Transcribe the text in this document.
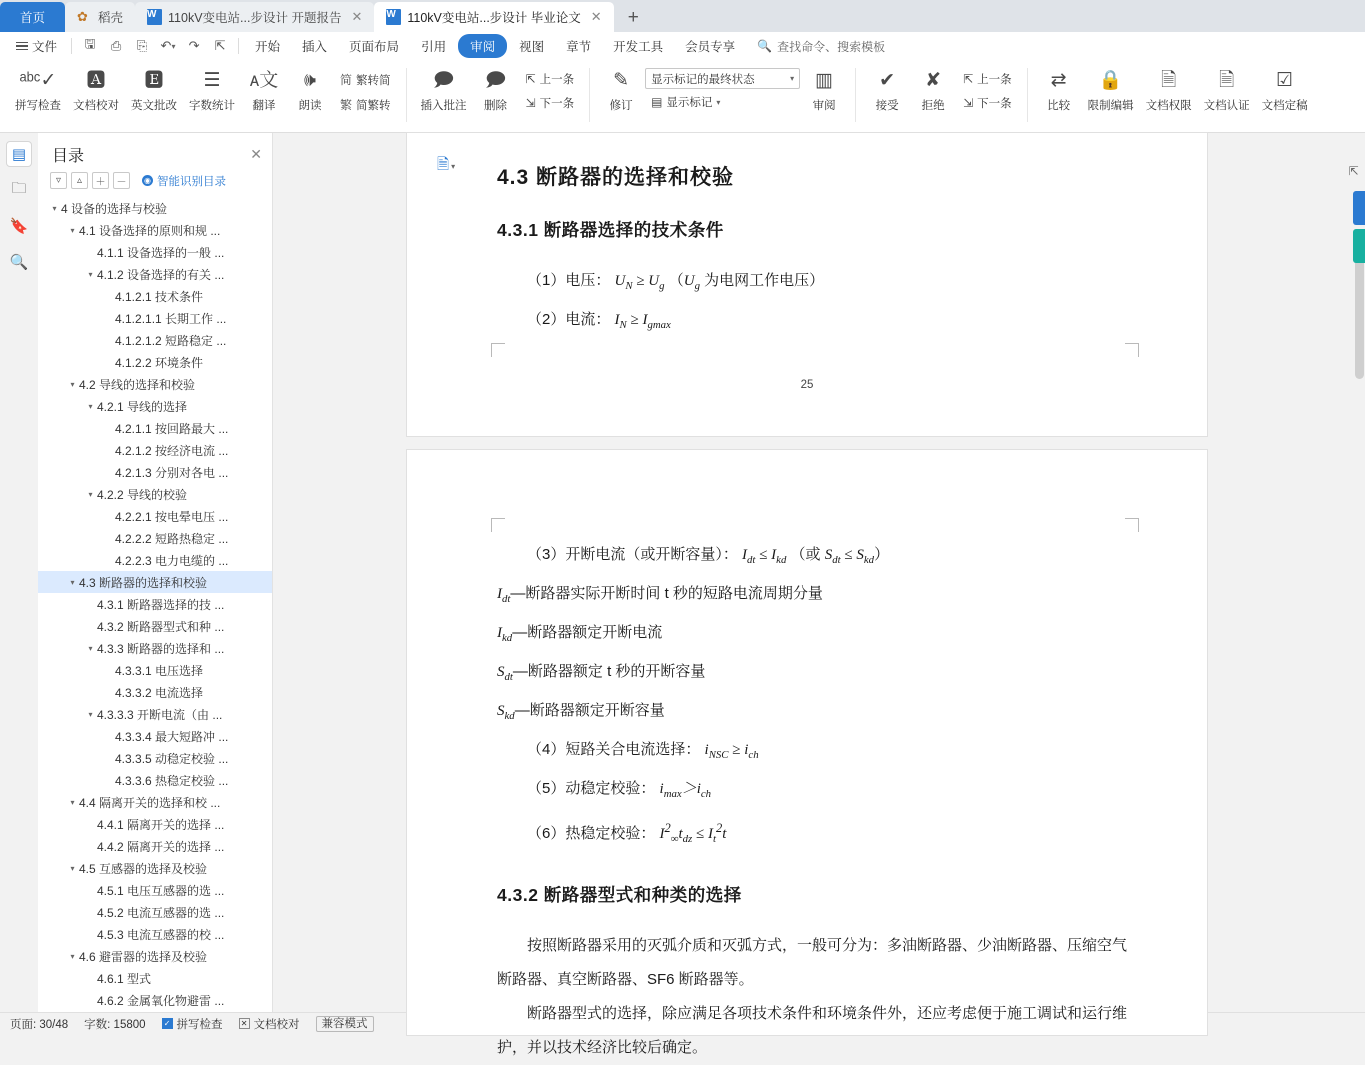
首页 ✿ 稻壳 W 110kV变电站...步设计 开题报告 ✕ W 110kV变电站...步设计 毕业论文 ✕	+
文件	🖫	⎙	⎘	↶ ▾	↷	⇱	开始	插入	页面布局	引用	审阅	视图	章节	开发工具	会员专享	🔍 查找命令、搜索模板
ᵃᵇᶜ✓
拼写检查
🅰
文档校对
🅴
英文批改
☰
字数统计
ᴀ文
翻译
🕪
朗读
简 繁转简
繁 简繁转
🗩
插入批注
🗩
删除
⇱ 上一条
⇲ 下一条
✎
修订
显示标记的最终状态	▾
▤ 显示标记 ▾
▥
审阅
✔
接受
✘
拒绝
⇱ 上一条
⇲ 下一条
⇄
比较
🔒
限制编辑
🗎
文档权限
🗎
文档认证
☑
文档定稿
▤
🗀
🔖
🔍
目录	✕
▿	▵	＋	－	◉ 智能识别目录
▾ 4 设备的选择与校验
▾ 4.1 设备选择的原则和规 ...
4.1.1 设备选择的一般 ...
▾ 4.1.2 设备选择的有关 ...
4.1.2.1 技术条件
4.1.2.1.1 长期工作 ...
4.1.2.1.2 短路稳定 ...
4.1.2.2 环境条件
▾ 4.2 导线的选择和校验
▾ 4.2.1 导线的选择
4.2.1.1 按回路最大 ...
4.2.1.2 按经济电流 ...
4.2.1.3 分别对各电 ...
▾ 4.2.2 导线的校验
4.2.2.1 按电晕电压 ...
4.2.2.2 短路热稳定 ...
4.2.2.3 电力电缆的 ...
▾ 4.3 断路器的选择和校验
4.3.1 断路器选择的技 ...
4.3.2 断路器型式和种 ...
▾ 4.3.3 断路器的选择和 ...
4.3.3.1 电压选择
4.3.3.2 电流选择
▾ 4.3.3.3 开断电流（由 ...
4.3.3.4 最大短路冲 ...
4.3.3.5 动稳定校验 ...
4.3.3.6 热稳定校验 ...
▾ 4.4 隔离开关的选择和校 ...
4.4.1 隔离开关的选择 ...
4.4.2 隔离开关的选择 ...
▾ 4.5 互感器的选择及校验
4.5.1 电压互感器的选 ...
4.5.2 电流互感器的选 ...
4.5.3 电流互感器的校 ...
▾ 4.6 避雷器的选择及校验
4.6.1 型式
4.6.2 金属氧化物避雷 ...
🗎 ▾ 4.3 断路器的选择和校验
4.3.1 断路器选择的技术条件
（1）电压： $U_N \ge U_g$ （$U_g$ 为电网工作电压）
（2）电流： $I_N \ge I_{gmax}$
25
（3）开断电流（或开断容量）： $I_{dt} \le I_{kd}$ （或 $S_{dt} \le S_{kd}$）
$I_{dt}—$断路器实际开断时间 t 秒的短路电流周期分量
$I_{kd}—$断路器额定开断电流
$S_{dt}—$断路器额定 t 秒的开断容量
$S_{kd}—$断路器额定开断容量
（4）短路关合电流选择： $i_{NSC} \ge i_{ch}$
（5）动稳定校验： $i_{max}>i_{ch}$
（6）热稳定校验： $I^2_\infty t_{dz} \le I_t^2t$
4.3.2 断路器型式和种类的选择
按照断路器采用的灭弧介质和灭弧方式，一般可分为：多油断路器、少油断路器、压缩空气断路器、真空断路器、SF6 断路器等。
断路器型式的选择，除应满足各项技术条件和环境条件外，还应考虑便于施工调试和运行维护，并以技术经济比较后确定。
⇱
页面: 30/48 字数: 15800 ✓ 拼写检查 ✕ 文档校对	兼容模式
